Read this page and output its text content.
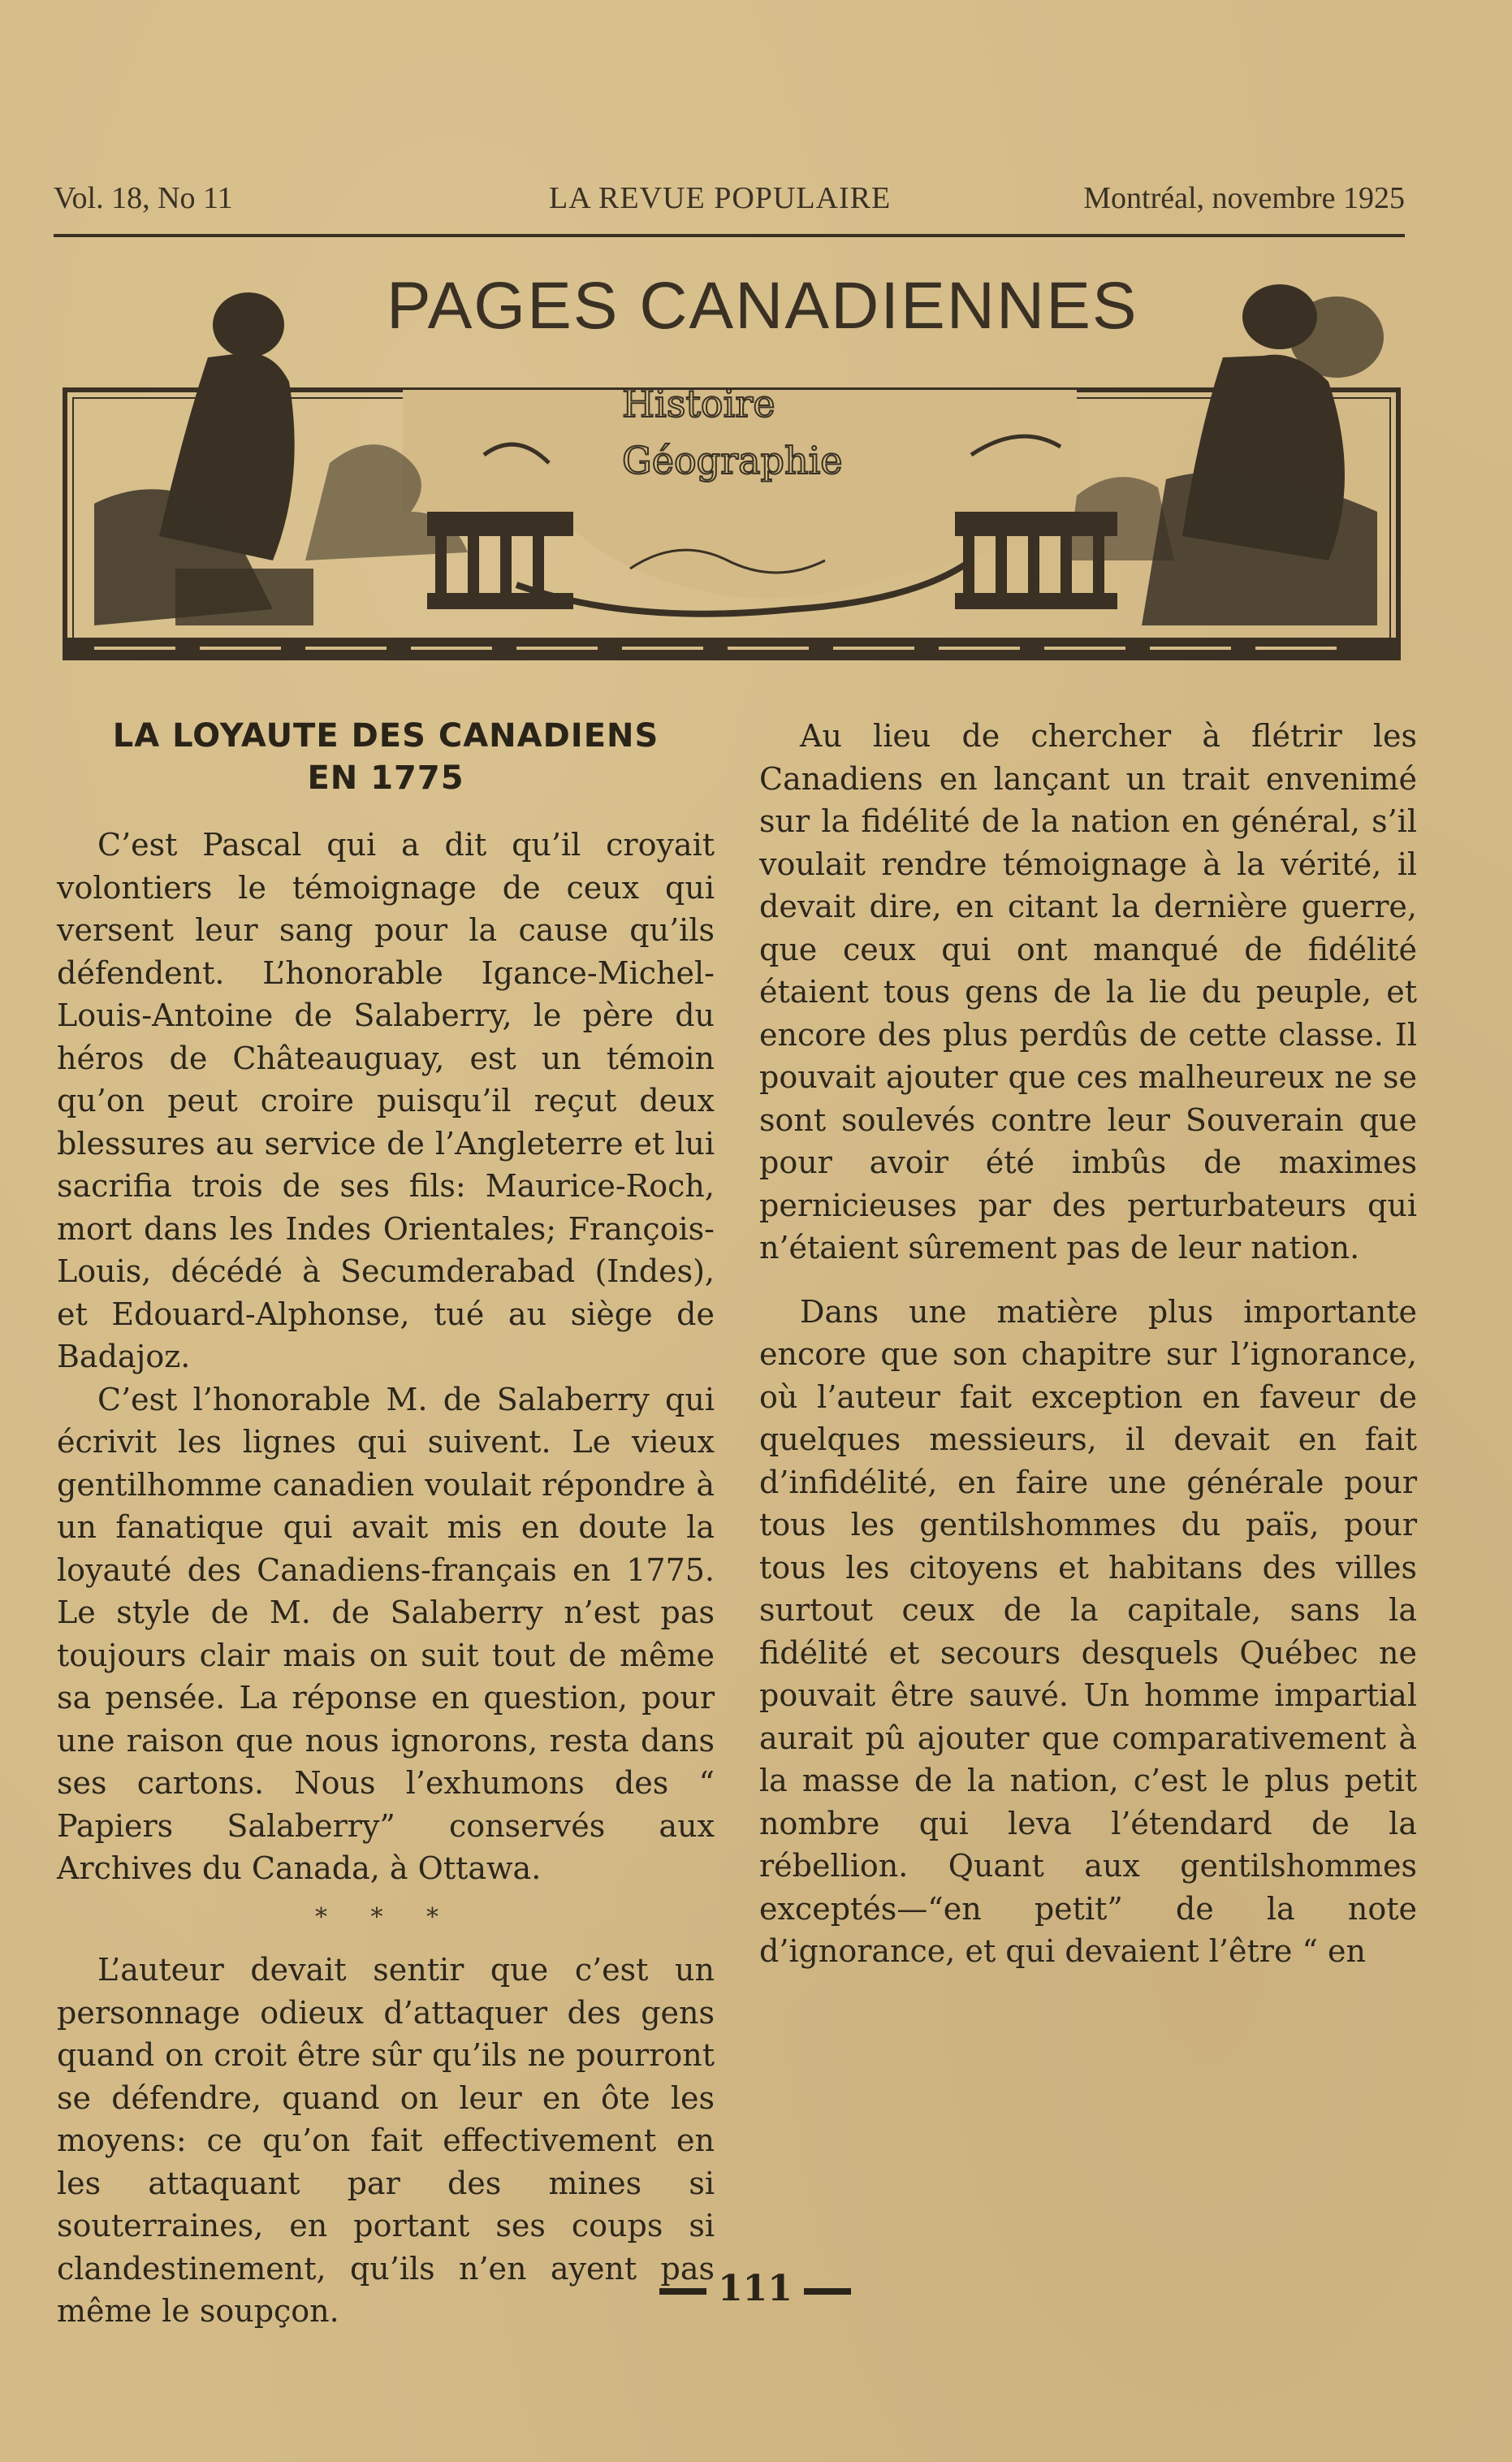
Vol. 18, No 11	LA REVUE POPULAIRE	Montréal, novembre 1925
PAGES CANADIENNES
Histoire
Géographie
LA LOYAUTE DES CANADIENS
EN 1775

C’est Pascal qui a dit qu’il croyait volontiers le témoignage de ceux qui versent leur sang pour la cause qu’ils défendent. L’honorable Igance-Michel-Louis-Antoine de Salaberry, le père du héros de Châteauguay, est un témoin qu’on peut croire puisqu’il reçut deux blessures au service de l’Angleterre et lui sacrifia trois de ses fils: Maurice-Roch, mort dans les Indes Orientales; François-Louis, décédé à Secumderabad (Indes), et Edouard-Alphonse, tué au siège de Badajoz.

C’est l’honorable M. de Salaberry qui écrivit les lignes qui suivent. Le vieux gentilhomme canadien voulait répondre à un fanatique qui avait mis en doute la loyauté des Canadiens-français en 1775. Le style de M. de Salaberry n’est pas toujours clair mais on suit tout de même sa pensée. La réponse en question, pour une raison que nous ignorons, resta dans ses cartons. Nous l’exhumons des “ Papiers Salaberry” conservés aux Archives du Canada, à Ottawa.

* * *

L’auteur devait sentir que c’est un personnage odieux d’attaquer des gens quand on croit être sûr qu’ils ne pourront se défendre, quand on leur en ôte les moyens: ce qu’on fait effectivement en les attaquant par des mines si souterraines, en portant ses coups si clandestinement, qu’ils n’en ayent pas même le soupçon.

Au lieu de chercher à flétrir les Canadiens en lançant un trait envenimé sur la fidélité de la nation en général, s’il voulait rendre témoignage à la vérité, il devait dire, en citant la dernière guerre, que ceux qui ont manqué de fidélité étaient tous gens de la lie du peuple, et encore des plus perdûs de cette classe. Il pouvait ajouter que ces malheureux ne se sont soulevés contre leur Souverain que pour avoir été imbûs de maximes pernicieuses par des perturbateurs qui n’étaient sûrement pas de leur nation.

Dans une matière plus importante encore que son chapitre sur l’ignorance, où l’auteur fait exception en faveur de quelques messieurs, il devait en fait d’infidélité, en faire une générale pour tous les gentilshommes du païs, pour tous les citoyens et habitans des villes surtout ceux de la capitale, sans la fidélité et secours desquels Québec ne pouvait être sauvé. Un homme impartial aurait pû ajouter que comparativement à la masse de la nation, c’est le plus petit nombre qui leva l’étendard de la rébellion. Quant aux gentilshommes exceptés—“en petit” de la note d’ignorance, et qui devaient l’être “ en

111
